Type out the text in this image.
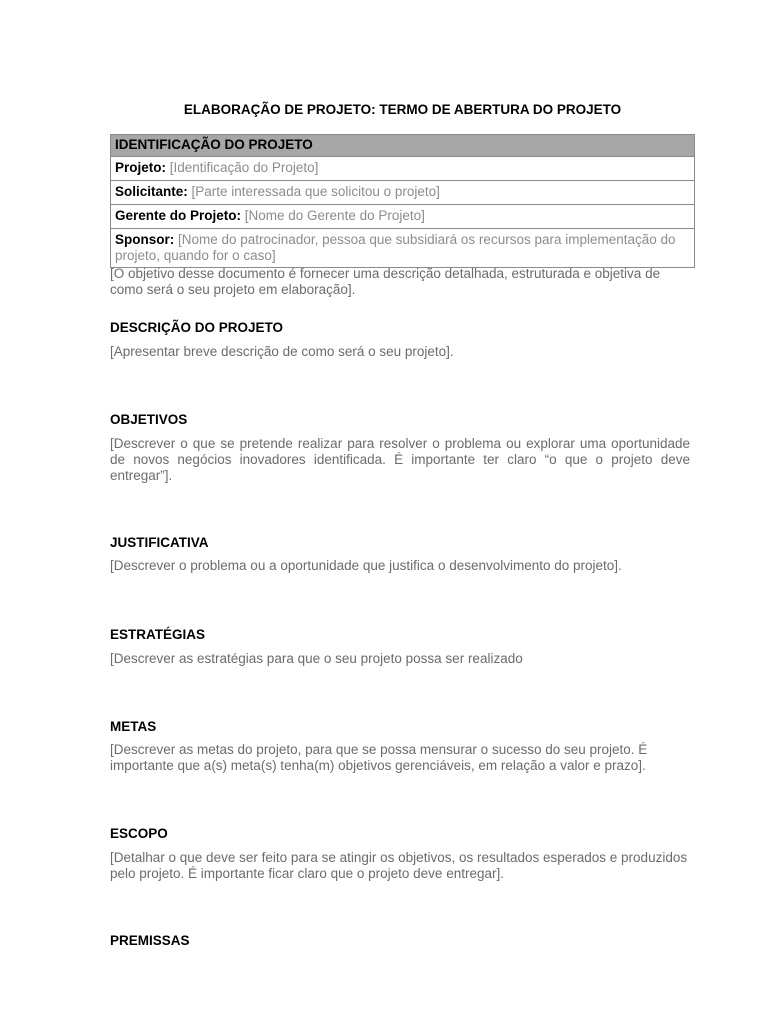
ELABORAÇÃO DE PROJETO: TERMO DE ABERTURA DO PROJETO
IDENTIFICAÇÃO DO PROJETO
Projeto: [Identificação do Projeto]
Solicitante: [Parte interessada que solicitou o projeto]
Gerente do Projeto: [Nome do Gerente do Projeto]
Sponsor: [Nome do patrocinador, pessoa que subsidiará os recursos para implementação do projeto, quando for o caso]
[O objetivo desse documento é fornecer uma descrição detalhada, estruturada e objetiva de como será o seu projeto em elaboração].
DESCRIÇÃO DO PROJETO
[Apresentar breve descrição de como será o seu projeto].
OBJETIVOS
[Descrever o que se pretende realizar para resolver o problema ou explorar uma oportunidade de novos negócios inovadores identificada. É importante ter claro “o que o projeto deve entregar”].
JUSTIFICATIVA
[Descrever o problema ou a oportunidade que justifica o desenvolvimento do projeto].
ESTRATÉGIAS
[Descrever as estratégias para que o seu projeto possa ser realizado
METAS
[Descrever as metas do projeto, para que se possa mensurar o sucesso do seu projeto. É importante que a(s) meta(s) tenha(m) objetivos gerenciáveis, em relação a valor e prazo].
ESCOPO
[Detalhar o que deve ser feito para se atingir os objetivos, os resultados esperados e produzidos pelo projeto. É importante ficar claro que o projeto deve entregar].
PREMISSAS
